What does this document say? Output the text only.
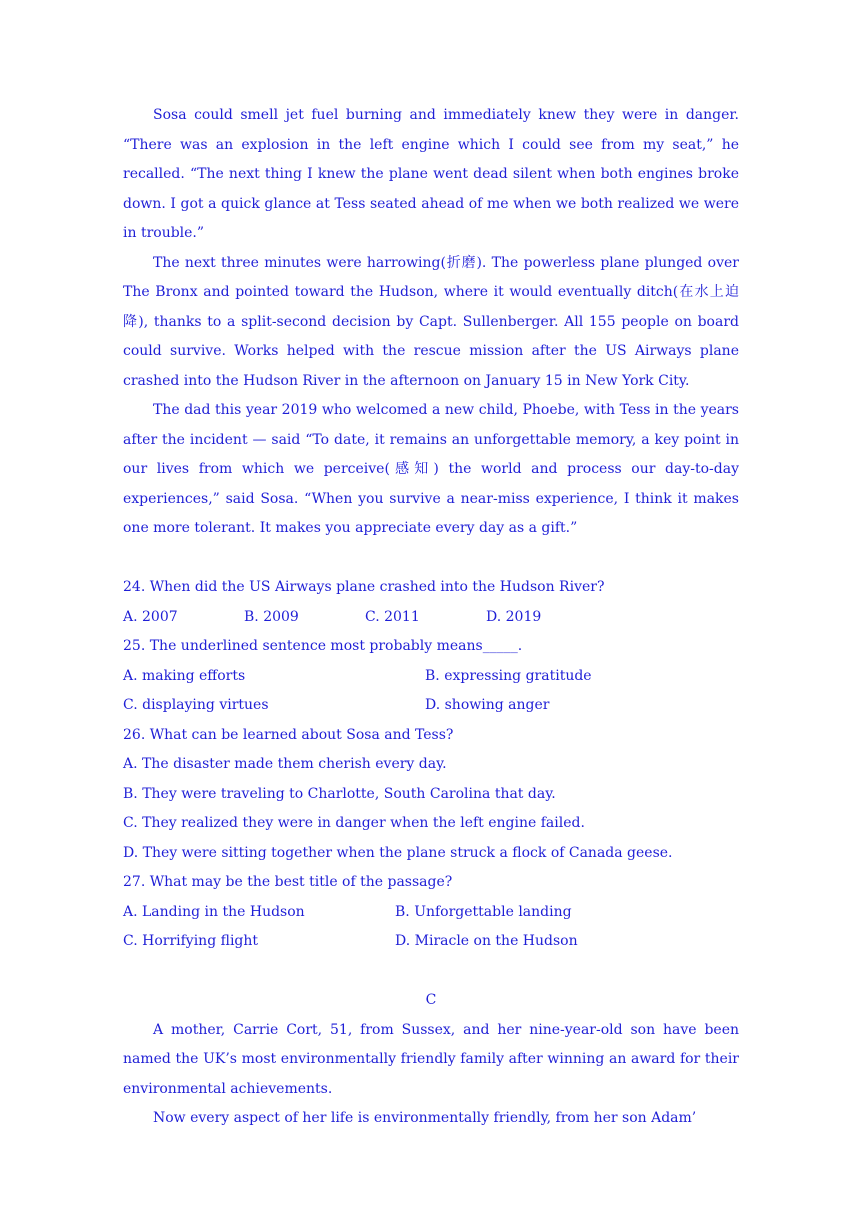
Sosa could smell jet fuel burning and immediately knew they were in danger. “There was an explosion in the left engine which I could see from my seat,” he recalled. “The next thing I knew the plane went dead silent when both engines broke down. I got a quick glance at Tess seated ahead of me when we both realized we were in trouble.”

The next three minutes were harrowing(折磨). The powerless plane plunged over The Bronx and pointed toward the Hudson, where it would eventually ditch(在水上迫降), thanks to a split-second decision by Capt. Sullenberger. All 155 people on board could survive. Works helped with the rescue mission after the US Airways plane crashed into the Hudson River in the afternoon on January 15 in New York City.

The dad this year 2019 who welcomed a new child, Phoebe, with Tess in the years after the incident — said “To date, it remains an unforgettable memory, a key point in our lives from which we perceive(感知) the world and process our day-to-day experiences,” said Sosa. “When you survive a near-miss experience, I think it makes one more tolerant. It makes you appreciate every day as a gift.”

24. When did the US Airways plane crashed into the Hudson River?

A. 2007	B. 2009	C. 2011	D. 2019

25. The underlined sentence most probably means_____.

A. making efforts	B. expressing gratitude
C. displaying virtues	D. showing anger

26. What can be learned about Sosa and Tess?

A. The disaster made them cherish every day.

B. They were traveling to Charlotte, South Carolina that day.

C. They realized they were in danger when the left engine failed.

D. They were sitting together when the plane struck a flock of Canada geese.

27. What may be the best title of the passage?

A. Landing in the Hudson	B. Unforgettable landing
C. Horrifying flight	D. Miracle on the Hudson

C

A mother, Carrie Cort, 51, from Sussex, and her nine-year-old son have been named the UK’s most environmentally friendly family after winning an award for their environmental achievements.

Now every aspect of her life is environmentally friendly, from her son Adam’
